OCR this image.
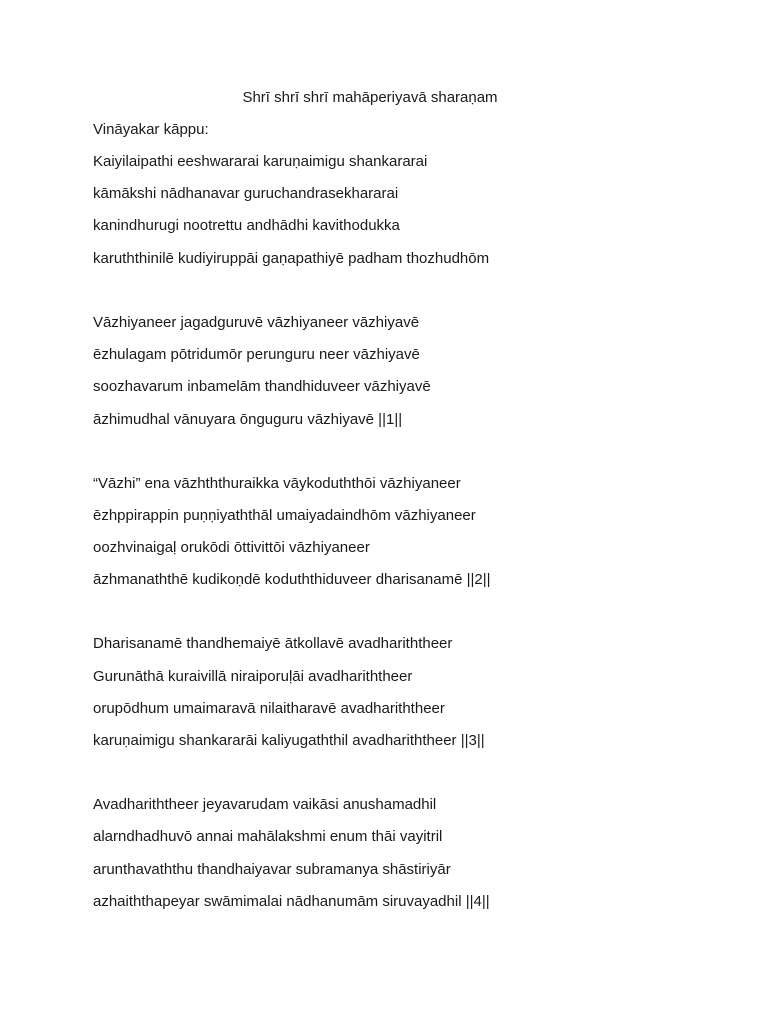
Shrī shrī shrī mahāperiyavā sharaṇam
Vināyakar kāppu:
Kaiyilaipathi eeshwararai karuṇaimigu shankararai
kāmākshi nādhanavar guruchandrasekhararai
kanindhurugi nootrettu andhādhi kavithodukka
karuththinilē kudiyiruppāi gaṇapathiyē padham thozhudhōm
Vāzhiyaneer jagadguruvē vāzhiyaneer vāzhiyavē
ēzhulagam pōtridumōr perunguru neer vāzhiyavē
soozhavarum inbamelām thandhiduveer vāzhiyavē
āzhimudhal vānuyara ōnguguru vāzhiyavē ||1||
“Vāzhi” ena vāzhththuraikka vāykoduththōi vāzhiyaneer
ēzhppirappin puṇṇiyaththāl umaiyadaindhōm vāzhiyaneer
oozhvinaigaḷ orukōdi ōttivittōi vāzhiyaneer
āzhmanaththē kudikoṇdē koduththiduveer dharisanamē ||2||
Dharisanamē thandhemaiyē ātkollavē avadhariththeer
Gurunāthā kuraivillā niraiporuḷāi avadhariththeer
orupōdhum umaimaravā nilaitharavē avadhariththeer
karuṇaimigu shankararāi kaliyugaththil avadhariththeer ||3||
Avadhariththeer jeyavarudam vaikāsi anushamadhil
alarndhadhuvō annai mahālakshmi enum thāi vayitril
arunthavaththu thandhaiyavar subramanya shāstiriyār
azhaiththapeyar swāmimalai nādhanumām siruvayadhil ||4||
